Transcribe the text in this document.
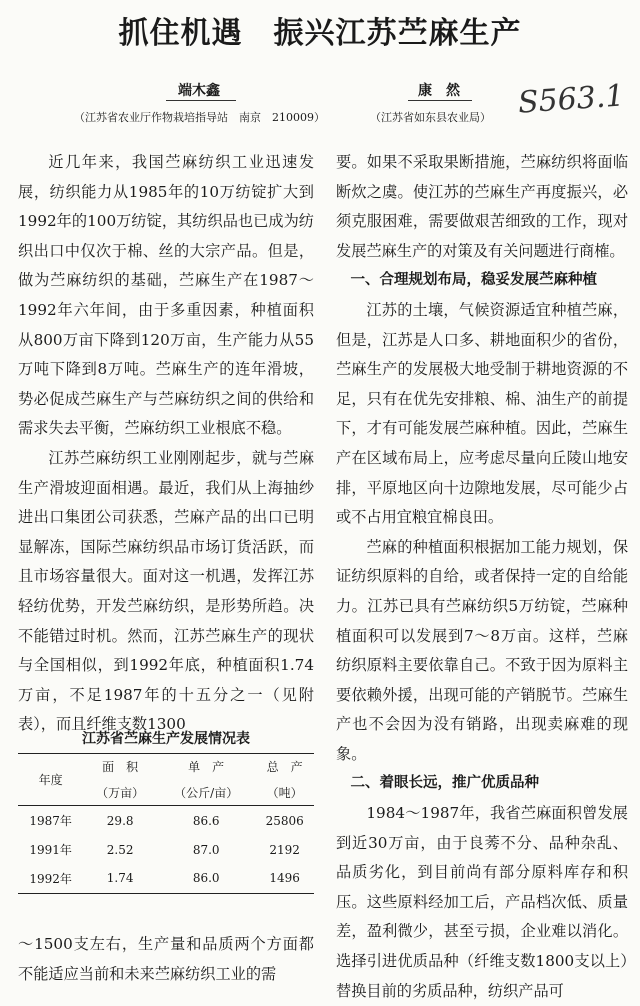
抓住机遇　振兴江苏苎麻生产
端木鑫
（江苏省农业厅作物栽培指导站　南京　210009）
康　然
（江苏省如东县农业局） S563.1

近几年来，我国苎麻纺织工业迅速发展，纺织能力从1985年的10万纺锭扩大到1992年的100万纺锭，其纺织品也已成为纺织出口中仅次于棉、丝的大宗产品。但是，做为苎麻纺织的基础，苎麻生产在1987～1992年六年间，由于多重因素，种植面积从800万亩下降到120万亩，生产能力从55万吨下降到8万吨。苎麻生产的连年滑坡，势必促成苎麻生产与苎麻纺织之间的供给和需求失去平衡，苎麻纺织工业根底不稳。

江苏苎麻纺织工业刚刚起步，就与苎麻生产滑坡迎面相遇。最近，我们从上海抽纱进出口集团公司获悉，苎麻产品的出口已明显解冻，国际苎麻纺织品市场订货活跃，而且市场容量很大。面对这一机遇，发挥江苏轻纺优势，开发苎麻纺织，是形势所趋。决不能错过时机。然而，江苏苎麻生产的现状与全国相似，到1992年底，种植面积1.74万亩，不足1987年的十五分之一（见附表），而且纤维支数1300

江苏省苎麻生产发展情况表
年度	面　积	单　产	总　产
	（万亩）	（公斤/亩）	（吨）
1987年	29.8	86.6	25806
1991年	2.52	87.0	2192
1992年	1.74	86.0	1496

～1500支左右，生产量和品质两个方面都不能适应当前和未来苎麻纺织工业的需

要。如果不采取果断措施，苎麻纺织将面临断炊之虞。使江苏的苎麻生产再度振兴，必须克服困难，需要做艰苦细致的工作，现对发展苎麻生产的对策及有关问题进行商榷。

一、合理规划布局，稳妥发展苎麻种植

江苏的土壤，气候资源适宜种植苎麻，但是，江苏是人口多、耕地面积少的省份，苎麻生产的发展极大地受制于耕地资源的不足，只有在优先安排粮、棉、油生产的前提下，才有可能发展苎麻种植。因此，苎麻生产在区域布局上，应考虑尽量向丘陵山地安排，平原地区向十边隙地发展，尽可能少占或不占用宜粮宜棉良田。

苎麻的种植面积根据加工能力规划，保证纺织原料的自给，或者保持一定的自给能力。江苏已具有苎麻纺织5万纺锭，苎麻种植面积可以发展到7～8万亩。这样，苎麻纺织原料主要依靠自己。不致于因为原料主要依赖外援，出现可能的产销脱节。苎麻生产也不会因为没有销路，出现卖麻难的现象。

二、着眼长远，推广优质品种

1984～1987年，我省苎麻面积曾发展到近30万亩，由于良莠不分、品种杂乱、品质劣化，到目前尚有部分原料库存和积压。这些原料经加工后，产品档次低、质量差，盈利微少，甚至亏损，企业难以消化。选择引进优质品种（纤维支数1800支以上）替换目前的劣质品种，纺织产品可
